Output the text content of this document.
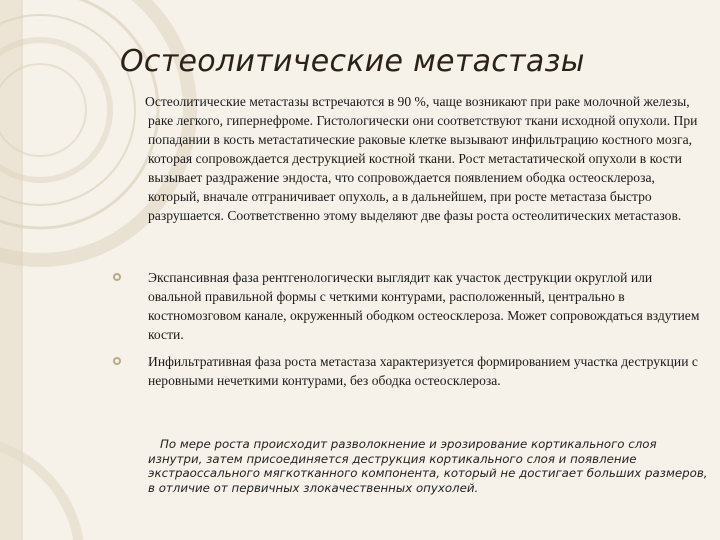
Остеолитические метастазы

Остеолитические метастазы встречаются в 90 %, чаще возникают при раке молочной железы, раке легкого, гипернефроме. Гистологически они соответствуют ткани исходной опухоли. При попадании в кость метастатические раковые клетке вызывают инфильтрацию костного мозга, которая сопровождается деструкцией костной ткани. Рост метастатической опухоли в кости вызывает раздражение эндоста, что сопровождается появлением ободка остеосклероза, который, вначале отграничивает опухоль, а в дальнейшем, при росте метастаза быстро разрушается. Соответственно этому выделяют две фазы роста остеолитических метастазов.

Экспансивная фаза рентгенологически выглядит как участок деструкции округлой или овальной правильной формы с четкими контурами, расположенный, центрально в костномозговом канале, окруженный ободком остеосклероза. Может сопровождаться вздутием кости.
Инфильтративная фаза роста метастаза характеризуется формированием участка деструкции с неровными нечеткими контурами, без ободка остеосклероза.

По мере роста происходит разволокнение и эрозирование кортикального слоя изнутри, затем присоединяется деструкция кортикального слоя и появление экстраоссального мягкотканного компонента, который не достигает больших размеров, в отличие от первичных злокачественных опухолей.
